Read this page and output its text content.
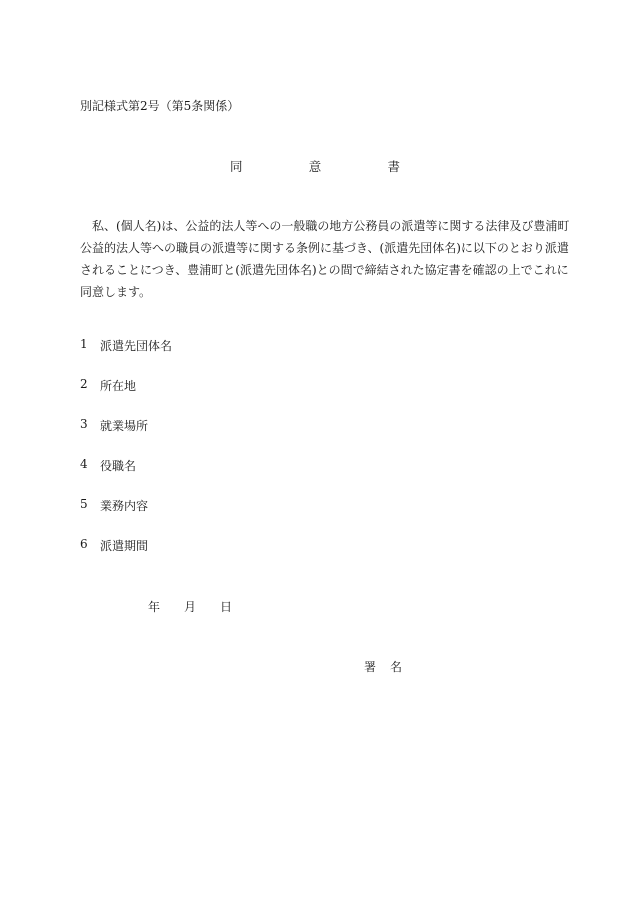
別記様式第2号（第5条関係）
同	意	書
私、(個人名)は、公益的法人等への一般職の地方公務員の派遣等に関する法律及び豊浦町
公益的法人等への職員の派遣等に関する条例に基づき、(派遣先団体名)に以下のとおり派遣
されることにつき、豊浦町と(派遣先団体名)との間で締結された協定書を確認の上でこれに
同意します。
1	派遣先団体名
2	所在地
3	就業場所
4	役職名
5	業務内容
6	派遣期間
年 月 日
署 名
